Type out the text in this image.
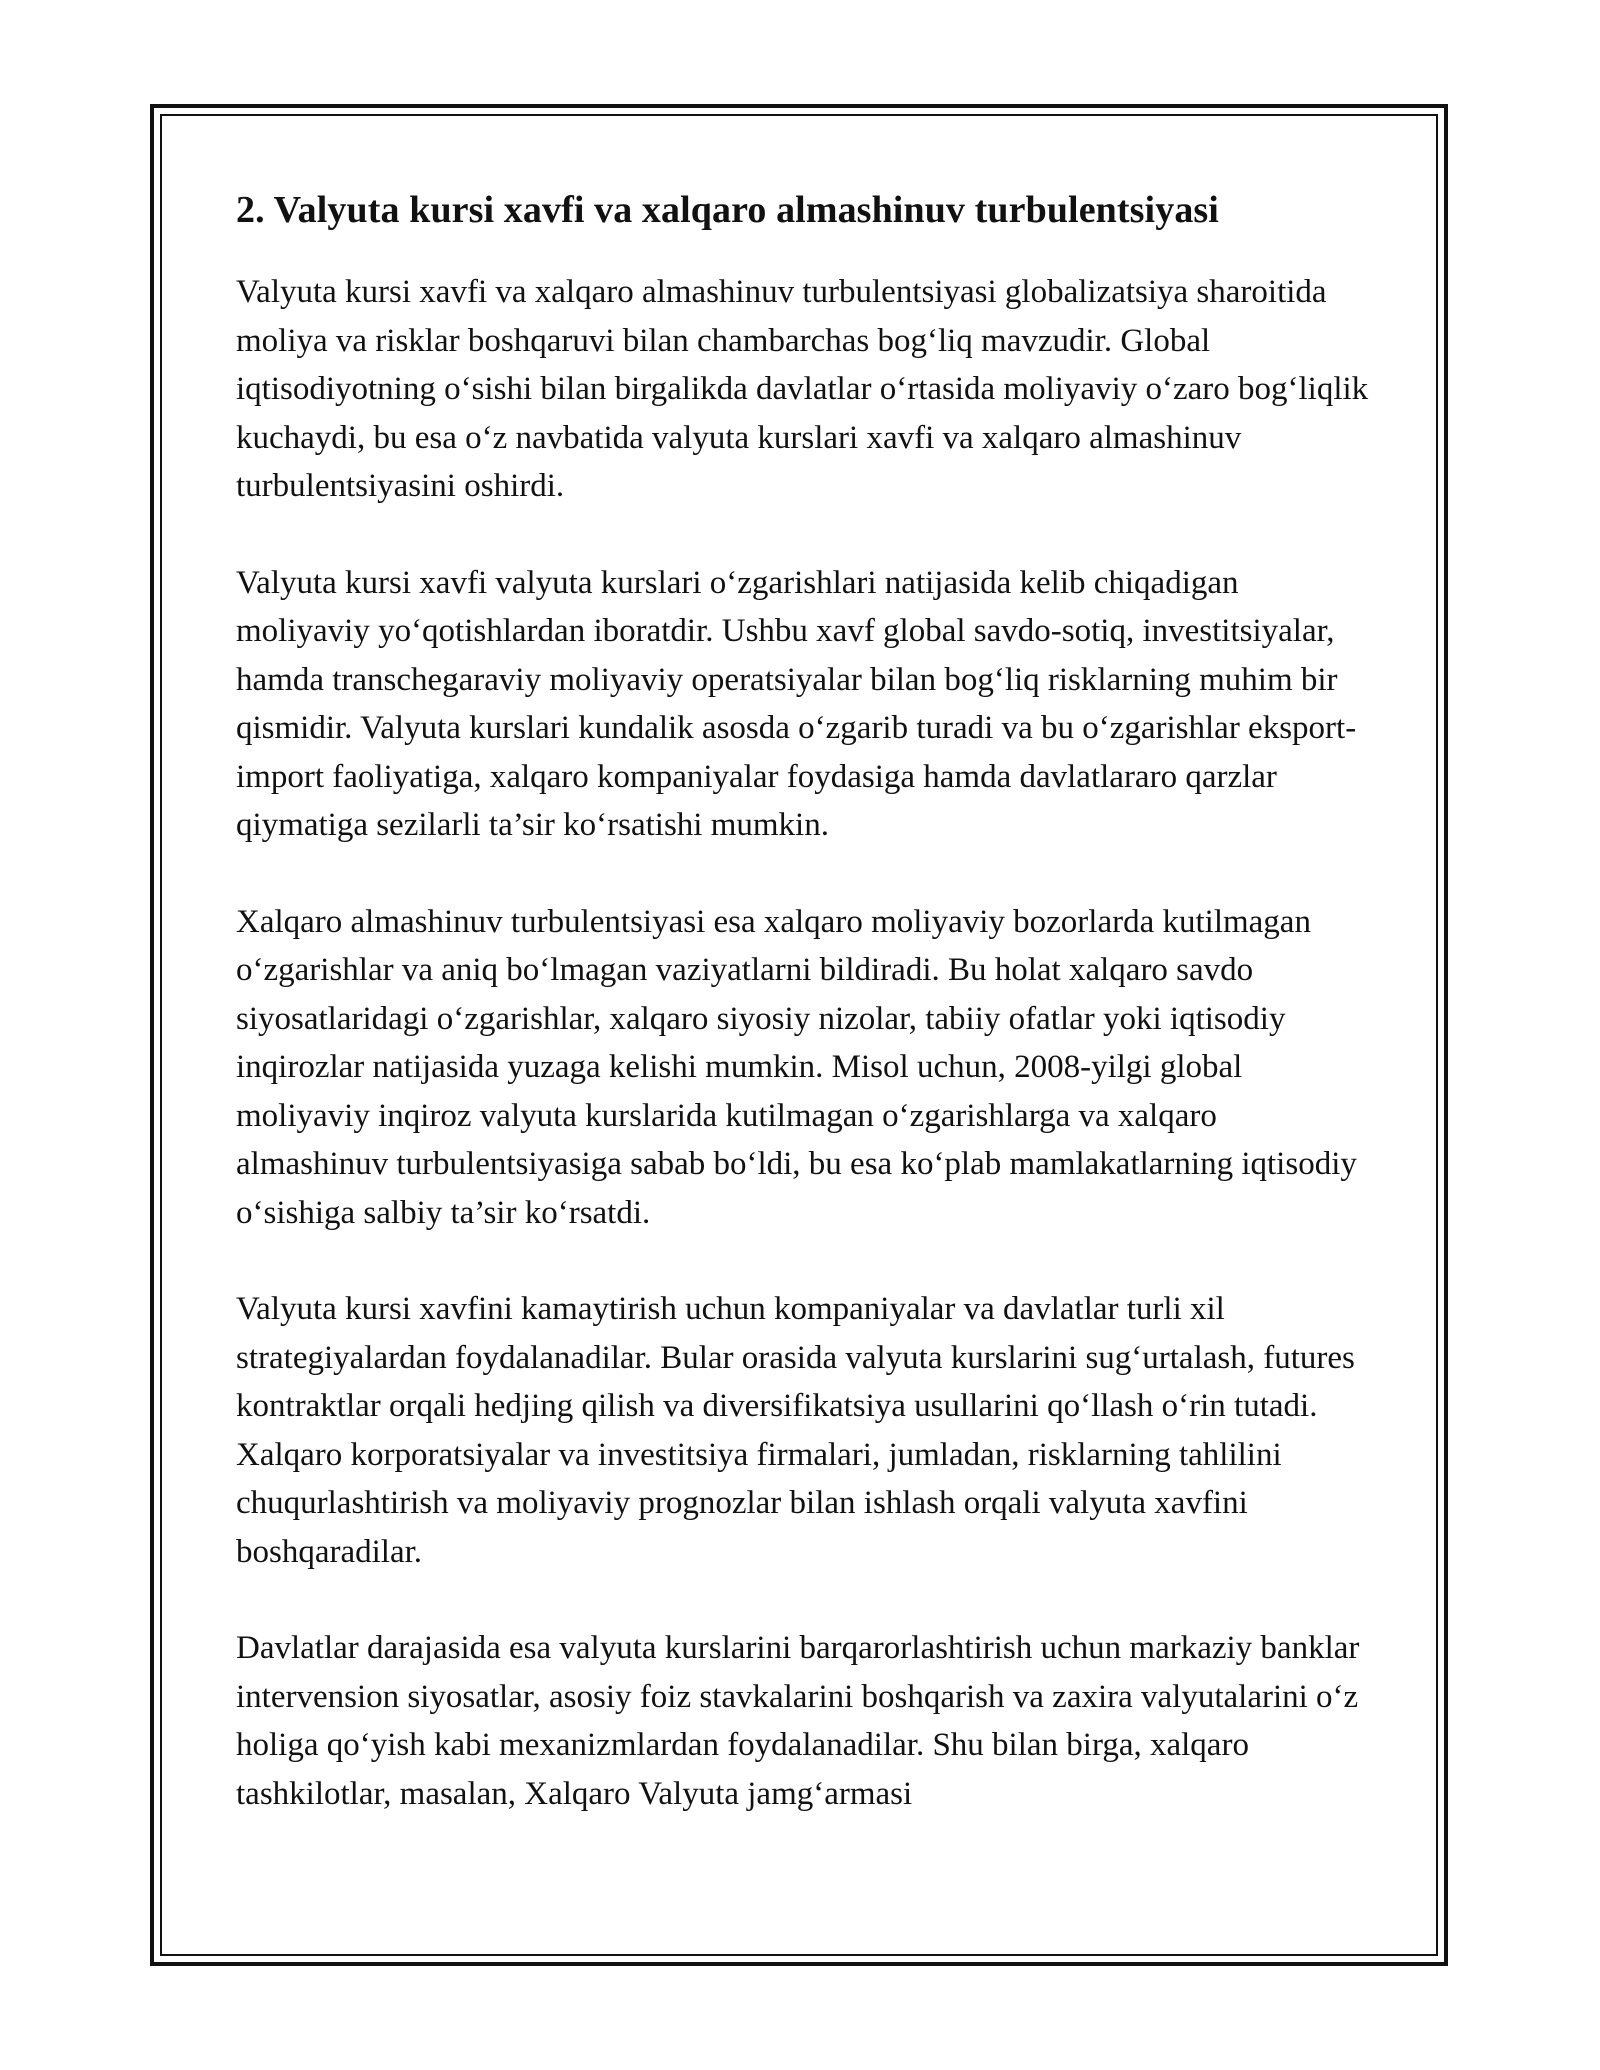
2. Valyuta kursi xavfi va xalqaro almashinuv turbulentsiyasi

Valyuta kursi xavfi va xalqaro almashinuv turbulentsiyasi globalizatsiya sharoitida moliya va risklar boshqaruvi bilan chambarchas bog‘liq mavzudir. Global iqtisodiyotning o‘sishi bilan birgalikda davlatlar o‘rtasida moliyaviy o‘zaro bog‘liqlik kuchaydi, bu esa o‘z navbatida valyuta kurslari xavfi va xalqaro almashinuv turbulentsiyasini oshirdi.

Valyuta kursi xavfi valyuta kurslari o‘zgarishlari natijasida kelib chiqadigan moliyaviy yo‘qotishlardan iboratdir. Ushbu xavf global savdo-sotiq, investitsiyalar, hamda transchegaraviy moliyaviy operatsiyalar bilan bog‘liq risklarning muhim bir qismidir. Valyuta kurslari kundalik asosda o‘zgarib turadi va bu o‘zgarishlar eksport-import faoliyatiga, xalqaro kompaniyalar foydasiga hamda davlatlararo qarzlar qiymatiga sezilarli ta’sir ko‘rsatishi mumkin.

Xalqaro almashinuv turbulentsiyasi esa xalqaro moliyaviy bozorlarda kutilmagan o‘zgarishlar va aniq bo‘lmagan vaziyatlarni bildiradi. Bu holat xalqaro savdo siyosatlaridagi o‘zgarishlar, xalqaro siyosiy nizolar, tabiiy ofatlar yoki iqtisodiy inqirozlar natijasida yuzaga kelishi mumkin. Misol uchun, 2008-yilgi global moliyaviy inqiroz valyuta kurslarida kutilmagan o‘zgarishlarga va xalqaro almashinuv turbulentsiyasiga sabab bo‘ldi, bu esa ko‘plab mamlakatlarning iqtisodiy o‘sishiga salbiy ta’sir ko‘rsatdi.

Valyuta kursi xavfini kamaytirish uchun kompaniyalar va davlatlar turli xil strategiyalardan foydalanadilar. Bular orasida valyuta kurslarini sug‘urtalash, futures kontraktlar orqali hedjing qilish va diversifikatsiya usullarini qo‘llash o‘rin tutadi. Xalqaro korporatsiyalar va investitsiya firmalari, jumladan, risklarning tahlilini chuqurlashtirish va moliyaviy prognozlar bilan ishlash orqali valyuta xavfini boshqaradilar.

Davlatlar darajasida esa valyuta kurslarini barqarorlashtirish uchun markaziy banklar intervension siyosatlar, asosiy foiz stavkalarini boshqarish va zaxira valyutalarini o‘z holiga qo‘yish kabi mexanizmlardan foydalanadilar. Shu bilan birga, xalqaro tashkilotlar, masalan, Xalqaro Valyuta jamg‘armasi
